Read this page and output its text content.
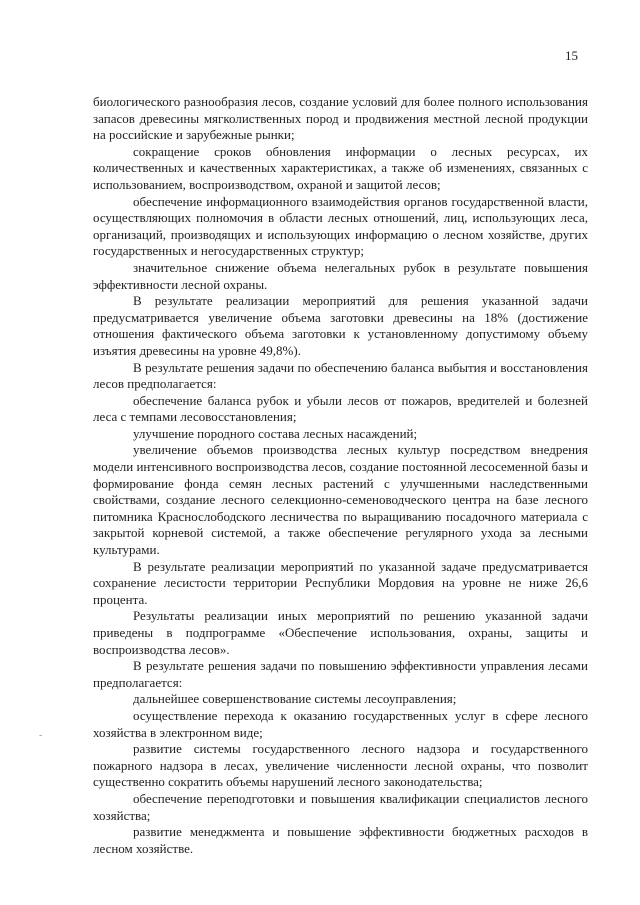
15

биологического разнообразия лесов, создание условий для более полного использования запасов древесины мягколиственных пород и продвижения местной лесной продукции на российские и зарубежные рынки;

сокращение сроков обновления информации о лесных ресурсах, их количественных и качественных характеристиках, а также об изменениях, связанных с использованием, воспроизводством, охраной и защитой лесов;

обеспечение информационного взаимодействия органов государственной власти, осуществляющих полномочия в области лесных отношений, лиц, использующих леса, организаций, производящих и использующих информацию о лесном хозяйстве, других государственных и негосударственных структур;

значительное снижение объема нелегальных рубок в результате повышения эффективности лесной охраны.

В результате реализации мероприятий для решения указанной задачи предусматривается увеличение объема заготовки древесины на 18% (достижение отношения фактического объема заготовки к установленному допустимому объему изъятия древесины на уровне 49,8%).

В результате решения задачи по обеспечению баланса выбытия и восстановления лесов предполагается:

обеспечение баланса рубок и убыли лесов от пожаров, вредителей и болезней леса с темпами лесовосстановления;

улучшение породного состава лесных насаждений;

увеличение объемов производства лесных культур посредством внедрения модели интенсивного воспроизводства лесов, создание постоянной лесосеменной базы и формирование фонда семян лесных растений с улучшенными наследственными свойствами, создание лесного селекционно-семеноводческого центра на базе лесного питомника Краснослободского лесничества по выращиванию посадочного материала с закрытой корневой системой, а также обеспечение регулярного ухода за лесными культурами.

В результате реализации мероприятий по указанной задаче предусматривается сохранение лесистости территории Республики Мордовия на уровне не ниже 26,6 процента.

Результаты реализации иных мероприятий по решению указанной задачи приведены в подпрограмме «Обеспечение использования, охраны, защиты и воспроизводства лесов».

В результате решения задачи по повышению эффективности управления лесами предполагается:

дальнейшее совершенствование системы лесоуправления;

осуществление перехода к оказанию государственных услуг в сфере лесного хозяйства в электронном виде;

развитие системы государственного лесного надзора и государственного пожарного надзора в лесах, увеличение численности лесной охраны, что позволит существенно сократить объемы нарушений лесного законодательства;

обеспечение переподготовки и повышения квалификации специалистов лесного хозяйства;

развитие менеджмента и повышение эффективности бюджетных расходов в лесном хозяйстве.

-
